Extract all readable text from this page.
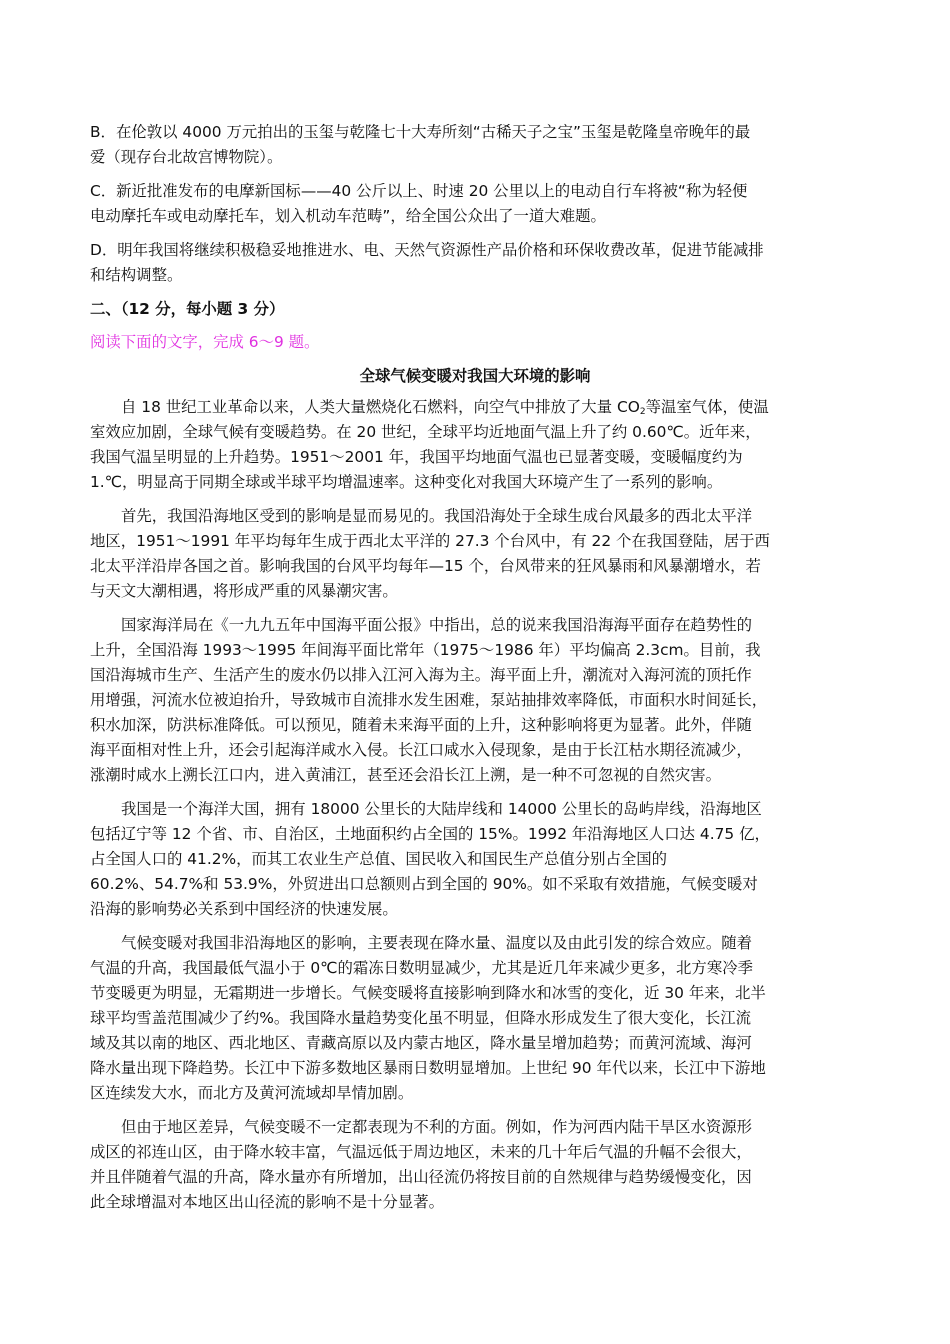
B．在伦敦以 4000 万元拍出的玉玺与乾隆七十大寿所刻“古稀天子之宝”玉玺是乾隆皇帝晚年的最
爱（现存台北故宫博物院）。
C．新近批准发布的电摩新国标——40 公斤以上、时速 20 公里以上的电动自行车将被“称为轻便
电动摩托车或电动摩托车，划入机动车范畴”，给全国公众出了一道大难题。
D．明年我国将继续积极稳妥地推进水、电、天然气资源性产品价格和环保收费改革，促进节能减排
和结构调整。
二、（12 分，每小题 3 分）
阅读下面的文字，完成 6～9 题。
全球气候变暖对我国大环境的影响
自 18 世纪工业革命以来，人类大量燃烧化石燃料，向空气中排放了大量 $CO_2$等温室气体，使温
室效应加剧，全球气候有变暖趋势。在 20 世纪，全球平均近地面气温上升了约 0.60℃。近年来，
我国气温呈明显的上升趋势。1951～2001 年，我国平均地面气温也已显著变暖，变暖幅度约为
1.℃，明显高于同期全球或半球平均增温速率。这种变化对我国大环境产生了一系列的影响。
首先，我国沿海地区受到的影响是显而易见的。我国沿海处于全球生成台风最多的西北太平洋
地区，1951～1991 年平均每年生成于西北太平洋的 27.3 个台风中，有 22 个在我国登陆，居于西
北太平洋沿岸各国之首。影响我国的台风平均每年—15 个，台风带来的狂风暴雨和风暴潮增水，若
与天文大潮相遇，将形成严重的风暴潮灾害。
国家海洋局在《一九九五年中国海平面公报》中指出，总的说来我国沿海海平面存在趋势性的
上升，全国沿海 1993～1995 年间海平面比常年（1975～1986 年）平均偏高 2.3cm。目前，我
国沿海城市生产、生活产生的废水仍以排入江河入海为主。海平面上升，潮流对入海河流的顶托作
用增强，河流水位被迫抬升，导致城市自流排水发生困难，泵站抽排效率降低，市面积水时间延长，
积水加深，防洪标准降低。可以预见，随着未来海平面的上升，这种影响将更为显著。此外，伴随
海平面相对性上升，还会引起海洋咸水入侵。长江口咸水入侵现象，是由于长江枯水期径流减少，
涨潮时咸水上溯长江口内，进入黄浦江，甚至还会沿长江上溯，是一种不可忽视的自然灾害。
我国是一个海洋大国，拥有 18000 公里长的大陆岸线和 14000 公里长的岛屿岸线，沿海地区
包括辽宁等 12 个省、市、自治区，土地面积约占全国的 15%。1992 年沿海地区人口达 4.75 亿，
占全国人口的 41.2%，而其工农业生产总值、国民收入和国民生产总值分别占全国的
60.2%、54.7%和 53.9%，外贸进出口总额则占到全国的 90%。如不采取有效措施，气候变暖对
沿海的影响势必关系到中国经济的快速发展。
气候变暖对我国非沿海地区的影响，主要表现在降水量、温度以及由此引发的综合效应。随着
气温的升高，我国最低气温小于 0℃的霜冻日数明显减少，尤其是近几年来减少更多，北方寒冷季
节变暖更为明显，无霜期进一步增长。气候变暖将直接影响到降水和冰雪的变化，近 30 年来，北半
球平均雪盖范围减少了约%。我国降水量趋势变化虽不明显，但降水形成发生了很大变化，长江流
域及其以南的地区、西北地区、青藏高原以及内蒙古地区，降水量呈增加趋势；而黄河流域、海河
降水量出现下降趋势。长江中下游多数地区暴雨日数明显增加。上世纪 90 年代以来，长江中下游地
区连续发大水，而北方及黄河流域却旱情加剧。
但由于地区差异，气候变暖不一定都表现为不利的方面。例如，作为河西内陆干旱区水资源形
成区的祁连山区，由于降水较丰富，气温远低于周边地区，未来的几十年后气温的升幅不会很大，
并且伴随着气温的升高，降水量亦有所增加，出山径流仍将按目前的自然规律与趋势缓慢变化，因
此全球增温对本地区出山径流的影响不是十分显著。
